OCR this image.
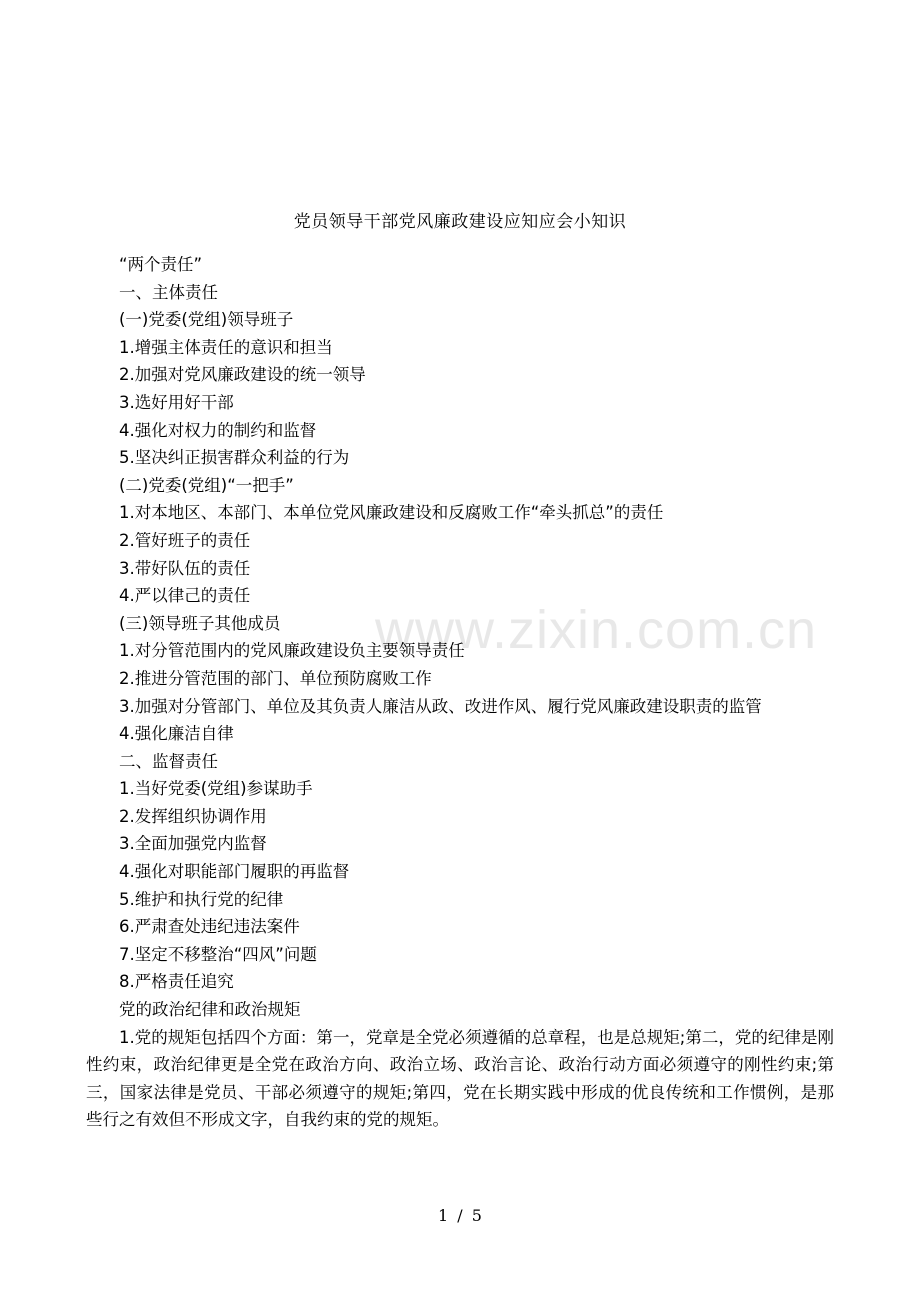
党员领导干部党风廉政建设应知应会小知识
www.zixin.com.cn

“两个责任”

一、主体责任

(一)党委(党组)领导班子

1.增强主体责任的意识和担当

2.加强对党风廉政建设的统一领导

3.选好用好干部

4.强化对权力的制约和监督

5.坚决纠正损害群众利益的行为

(二)党委(党组)“一把手”

1.对本地区、本部门、本单位党风廉政建设和反腐败工作“牵头抓总”的责任

2.管好班子的责任

3.带好队伍的责任

4.严以律己的责任

(三)领导班子其他成员

1.对分管范围内的党风廉政建设负主要领导责任

2.推进分管范围的部门、单位预防腐败工作

3.加强对分管部门、单位及其负责人廉洁从政、改进作风、履行党风廉政建设职责的监管

4.强化廉洁自律

二、监督责任

1.当好党委(党组)参谋助手

2.发挥组织协调作用

3.全面加强党内监督

4.强化对职能部门履职的再监督

5.维护和执行党的纪律

6.严肃查处违纪违法案件

7.坚定不移整治“四风”问题

8.严格责任追究

党的政治纪律和政治规矩

1.党的规矩包括四个方面：第一，党章是全党必须遵循的总章程，也是总规矩;第二，党的纪律是刚性约束，政治纪律更是全党在政治方向、政治立场、政治言论、政治行动方面必须遵守的刚性约束;第三，国家法律是党员、干部必须遵守的规矩;第四，党在长期实践中形成的优良传统和工作惯例，是那些行之有效但不形成文字，自我约束的党的规矩。

1 / 5
